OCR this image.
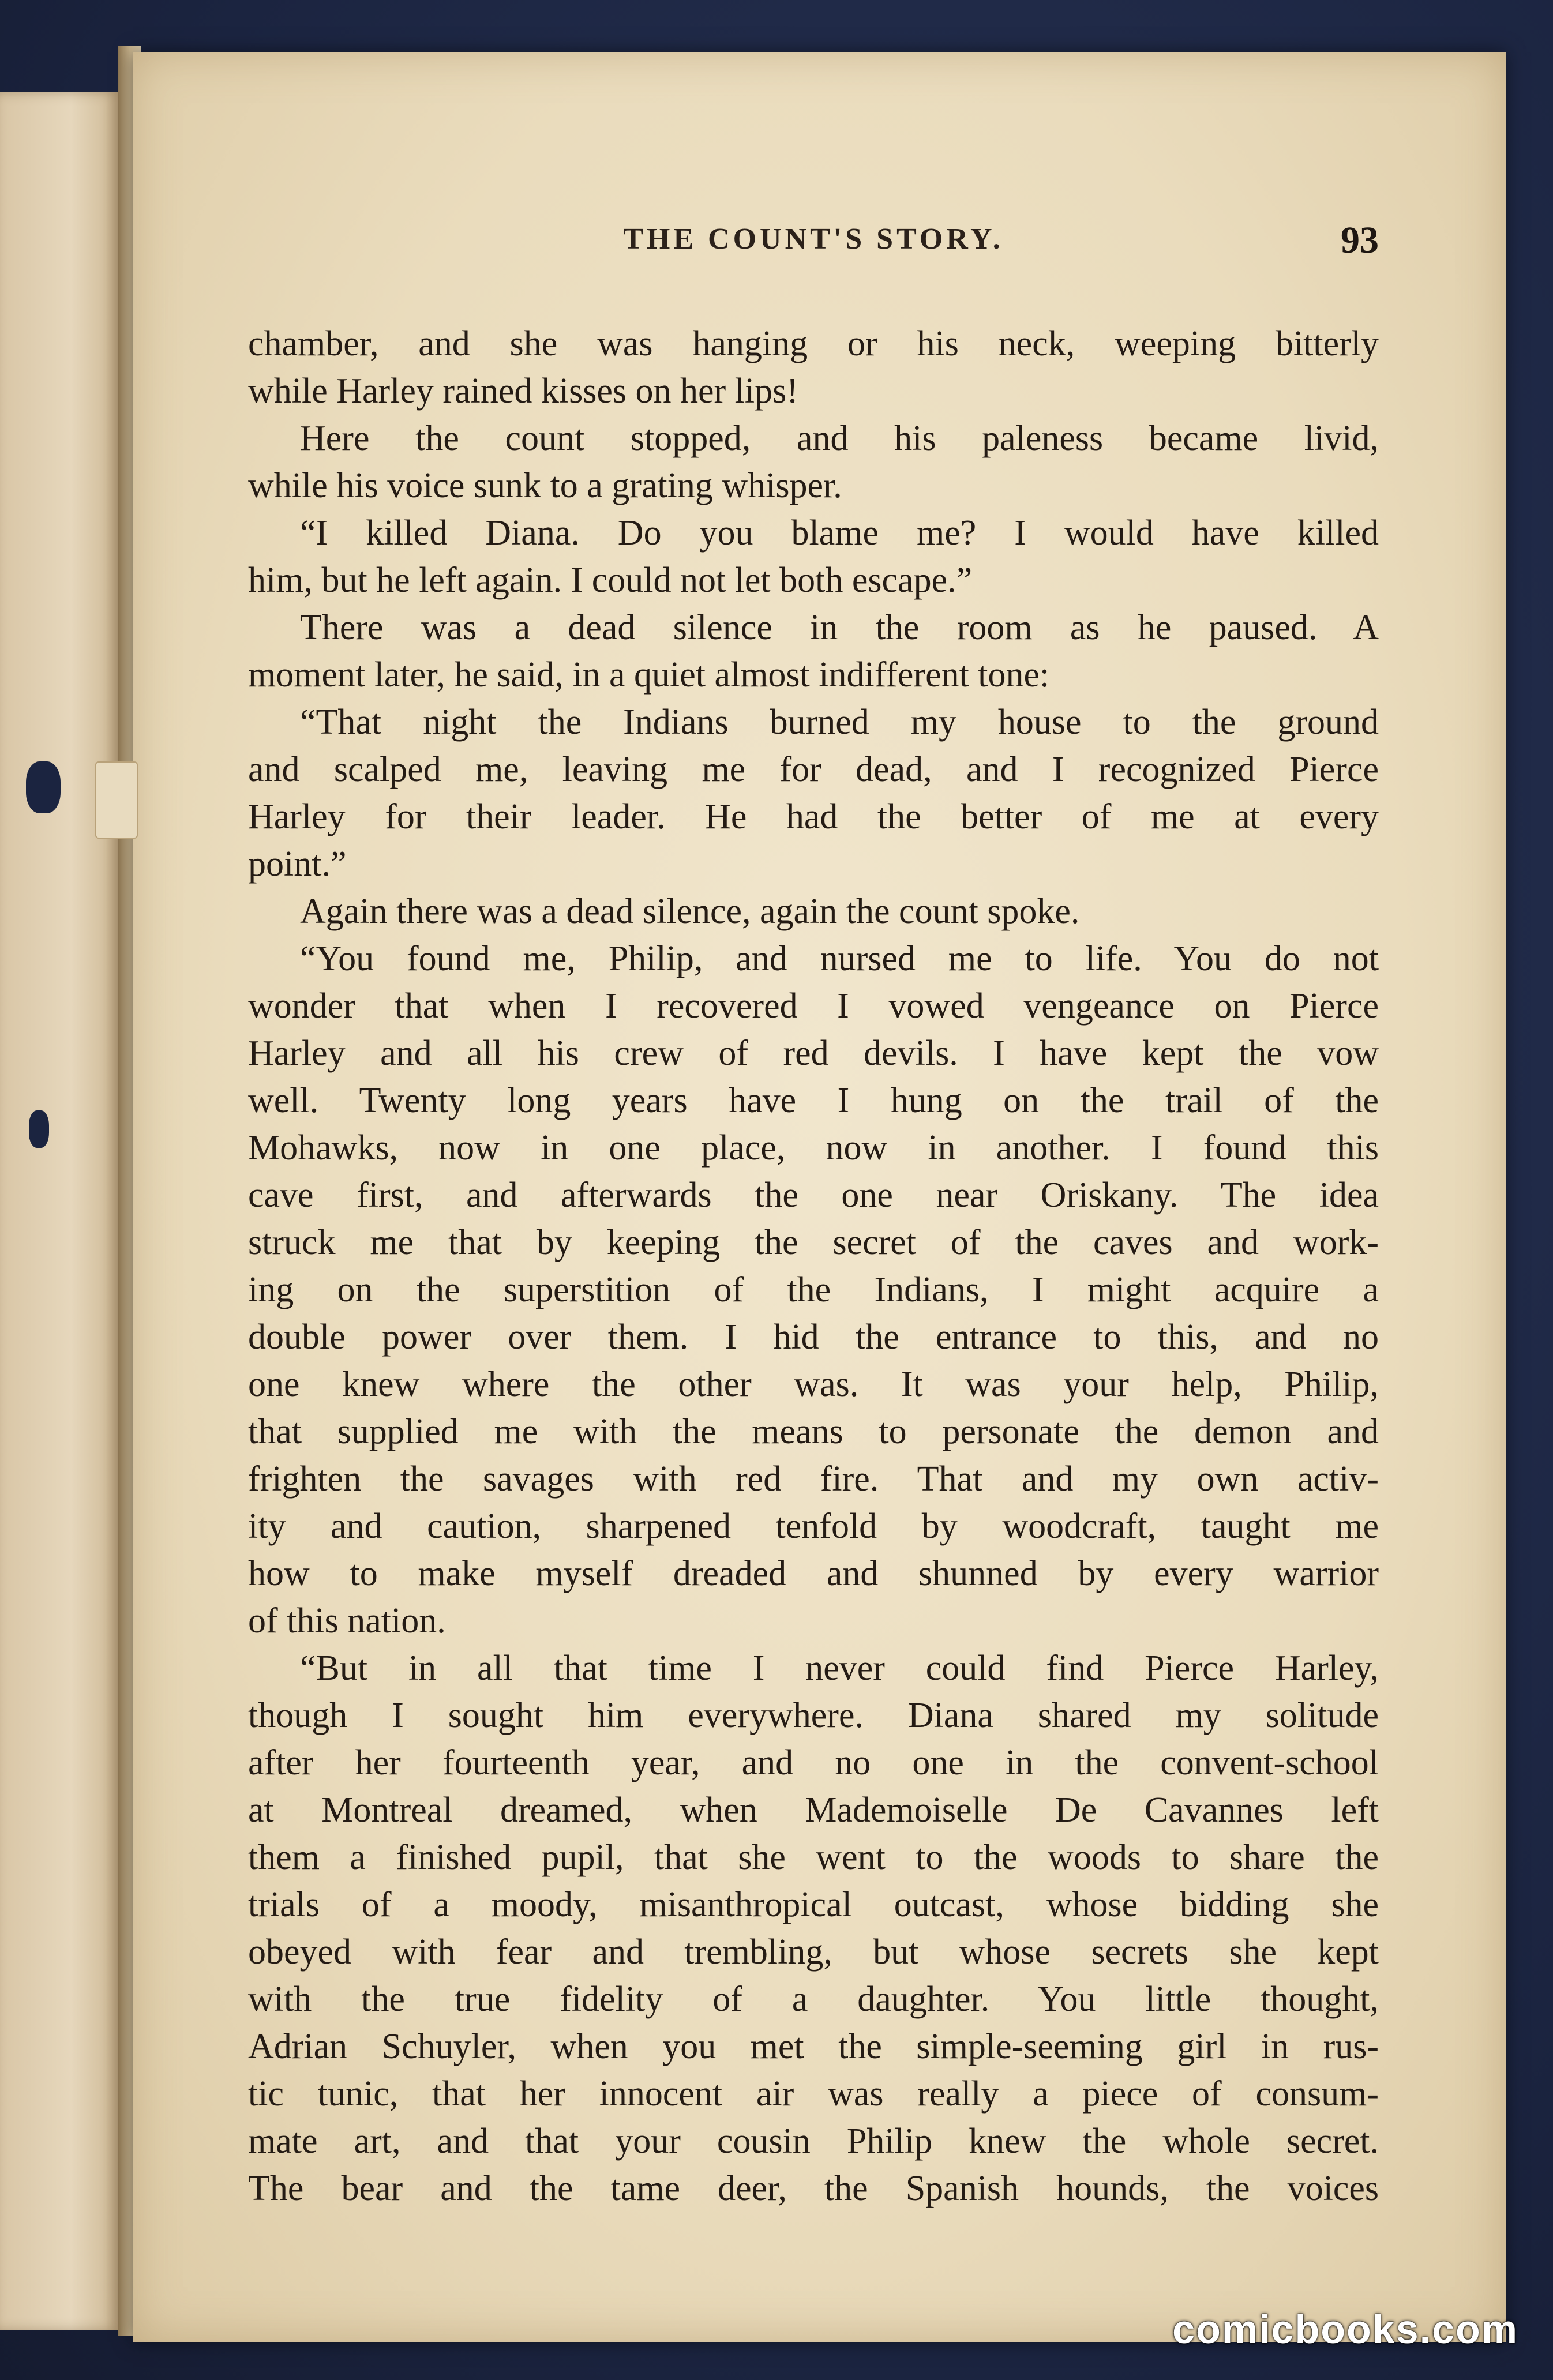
THE COUNT'S STORY.	93
chamber, and she was hanging or his neck, weeping bitterly
while Harley rained kisses on her lips!
Here the count stopped, and his paleness became livid,
while his voice sunk to a grating whisper.
“I killed Diana. Do you blame me? I would have killed
him, but he left again. I could not let both escape.”
There was a dead silence in the room as he paused. A
moment later, he said, in a quiet almost indifferent tone:
“That night the Indians burned my house to the ground
and scalped me, leaving me for dead, and I recognized Pierce
Harley for their leader. He had the better of me at every
point.”
Again there was a dead silence, again the count spoke.
“You found me, Philip, and nursed me to life. You do not
wonder that when I recovered I vowed vengeance on Pierce
Harley and all his crew of red devils. I have kept the vow
well. Twenty long years have I hung on the trail of the
Mohawks, now in one place, now in another. I found this
cave first, and afterwards the one near Oriskany. The idea
struck me that by keeping the secret of the caves and work-
ing on the superstition of the Indians, I might acquire a
double power over them. I hid the entrance to this, and no
one knew where the other was. It was your help, Philip,
that supplied me with the means to personate the demon and
frighten the savages with red fire. That and my own activ-
ity and caution, sharpened tenfold by woodcraft, taught me
how to make myself dreaded and shunned by every warrior
of this nation.
“But in all that time I never could find Pierce Harley,
though I sought him everywhere. Diana shared my solitude
after her fourteenth year, and no one in the convent-school
at Montreal dreamed, when Mademoiselle De Cavannes left
them a finished pupil, that she went to the woods to share the
trials of a moody, misanthropical outcast, whose bidding she
obeyed with fear and trembling, but whose secrets she kept
with the true fidelity of a daughter. You little thought,
Adrian Schuyler, when you met the simple-seeming girl in rus-
tic tunic, that her innocent air was really a piece of consum-
mate art, and that your cousin Philip knew the whole secret.
The bear and the tame deer, the Spanish hounds, the voices
comicbooks.com
